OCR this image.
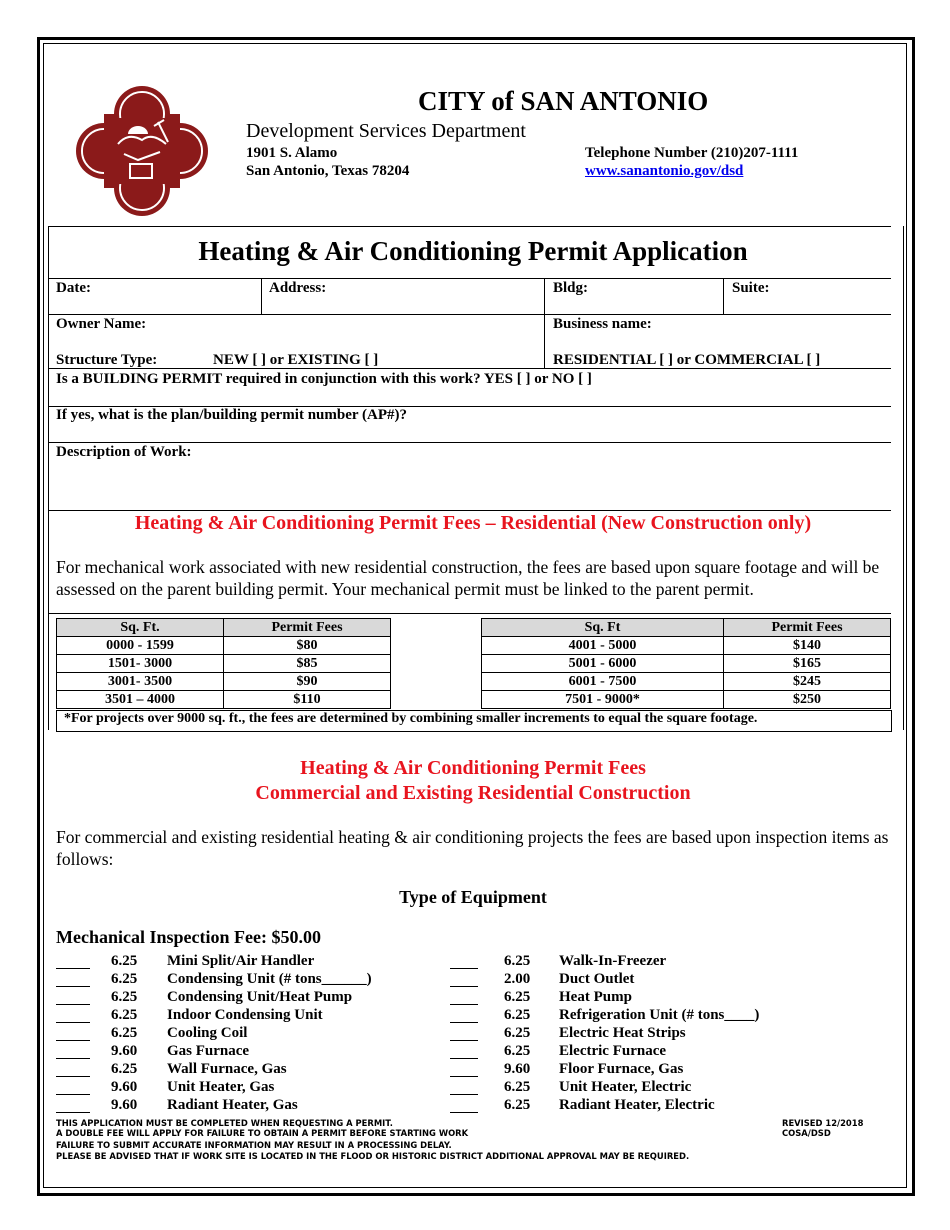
CITY of SAN ANTONIO
Development Services Department
1901 S. Alamo
San Antonio, Texas 78204
Telephone Number (210)207-1111
www.sanantonio.gov/dsd
Heating & Air Conditioning Permit Application
Date:	Address:	Bldg:	Suite:
Owner Name:	Business name:
Structure Type:	NEW [ ] or EXISTING [ ]	RESIDENTIAL [ ] or COMMERCIAL [ ]
Is a BUILDING PERMIT required in conjunction with this work? YES [ ] or NO [ ]
If yes, what is the plan/building permit number (AP#)?
Description of Work:
Heating & Air Conditioning Permit Fees – Residential (New Construction only)
For mechanical work associated with new residential construction, the fees are based upon square footage and will be assessed on the parent building permit. Your mechanical permit must be linked to the parent permit.
Sq. Ft.	Permit Fees
0000 - 1599	$80
1501- 3000	$85
3001- 3500	$90
3501 – 4000	$110
Sq. Ft	Permit Fees
4001 - 5000	$140
5001 - 6000	$165
6001 - 7500	$245
7501 - 9000*	$250
*For projects over 9000 sq. ft., the fees are determined by combining smaller increments to equal the square footage.
Heating & Air Conditioning Permit Fees
Commercial and Existing Residential Construction
For commercial and existing residential heating & air conditioning projects the fees are based upon inspection items as follows:
Type of Equipment
Mechanical Inspection Fee: $50.00
6.25 Mini Split/Air Handler
6.25 Condensing Unit (# tons______)
6.25 Condensing Unit/Heat Pump
6.25 Indoor Condensing Unit
6.25 Cooling Coil
9.60 Gas Furnace
6.25 Wall Furnace, Gas
9.60 Unit Heater, Gas
9.60 Radiant Heater, Gas
6.25 Walk-In-Freezer
2.00 Duct Outlet
6.25 Heat Pump
6.25 Refrigeration Unit (# tons____)
6.25 Electric Heat Strips
6.25 Electric Furnace
9.60 Floor Furnace, Gas
6.25 Unit Heater, Electric
6.25 Radiant Heater, Electric
THIS APPLICATION MUST BE COMPLETED WHEN REQUESTING A PERMIT.
A DOUBLE FEE WILL APPLY FOR FAILURE TO OBTAIN A PERMIT BEFORE STARTING WORK
FAILURE TO SUBMIT ACCURATE INFORMATION MAY RESULT IN A PROCESSING DELAY.
PLEASE BE ADVISED THAT IF WORK SITE IS LOCATED IN THE FLOOD OR HISTORIC DISTRICT ADDITIONAL APPROVAL MAY BE REQUIRED.
REVISED 12/2018
COSA/DSD
